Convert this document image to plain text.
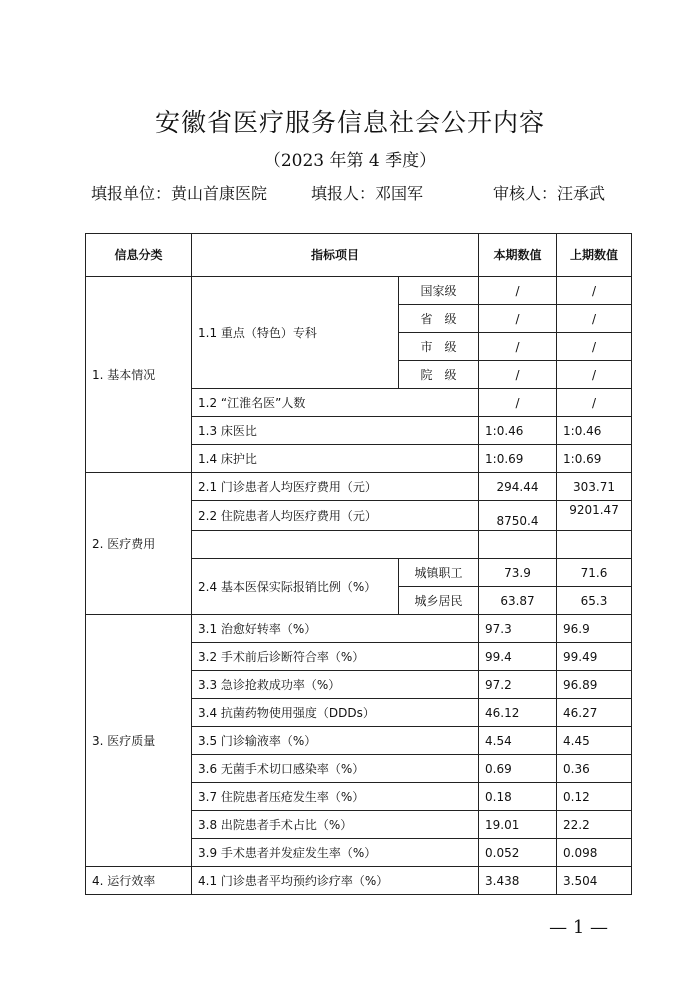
安徽省医疗服务信息社会公开内容
（2023 年第 4 季度）
填报单位：黄山首康医院	填报人：邓国军	审核人：汪承武
信息分类	指标项目		本期数值	上期数值
1. 基本情况	1.1 重点（特色）专科	国家级	/	/
		省　级	/	/
		市　级	/	/
		院　级	/	/
	1.2 “江淮名医”人数		/	/
	1.3 床医比		1:0.46	1:0.46
	1.4 床护比		1:0.69	1:0.69
2. 医疗费用	2.1 门诊患者人均医疗费用（元）		294.44	303.71
	2.2 住院患者人均医疗费用（元）		8750.4	9201.47

	2.4 基本医保实际报销比例（%）	城镇职工	73.9	71.6
		城乡居民	63.87	65.3
3. 医疗质量	3.1 治愈好转率（%）		97.3	96.9
	3.2 手术前后诊断符合率（%）		99.4	99.49
	3.3 急诊抢救成功率（%）		97.2	96.89
	3.4 抗菌药物使用强度（DDDs）		46.12	46.27
	3.5 门诊输液率（%）		4.54	4.45
	3.6 无菌手术切口感染率（%）		0.69	0.36
	3.7 住院患者压疮发生率（%）		0.18	0.12
	3.8 出院患者手术占比（%）		19.01	22.2
	3.9 手术患者并发症发生率（%）		0.052	0.098
4. 运行效率	4.1 门诊患者平均预约诊疗率（%）		3.438	3.504
— 1 —
